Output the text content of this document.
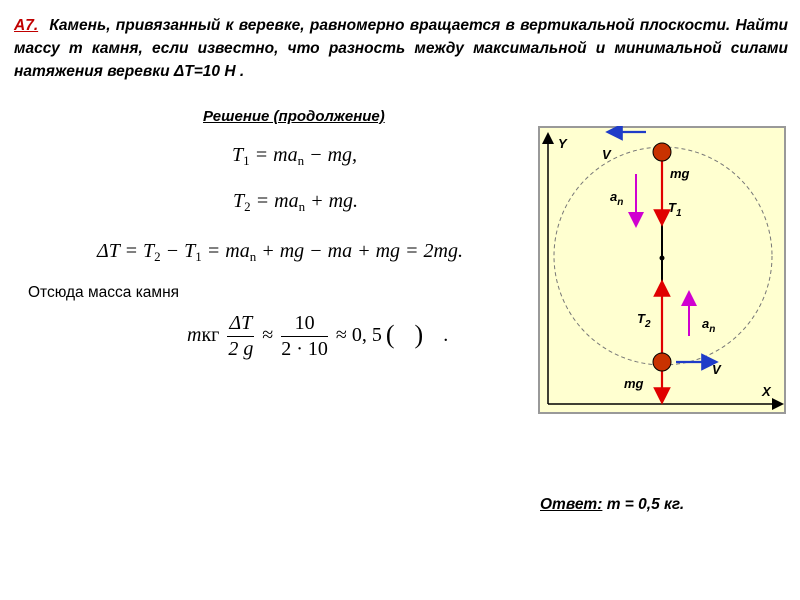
А7. Камень, привязанный к веревке, равномерно вращается в вертикальной плоскости. Найти массу m камня, если известно, что разность между максимальной и минимальной силами натяжения веревки ΔT=10 Н .
Решение (продолжение)
$T_1 = ma_n$ − mg,
$T_2 = ma_n$ + mg.
$\Delta T = T_2 - T_1 = ma_n$ + mg − ma + mg = 2mg.
Отсюда масса камня
mкг $\frac{\Delta T}{2 g} \approx \frac{10}{2 \cdot 10} \approx 0$, 5 ().
Y
X
V
mg
$a_n$	$T_1$
$T_2$	$a_n$
mg
V
Ответ: m = 0,5 кг.
